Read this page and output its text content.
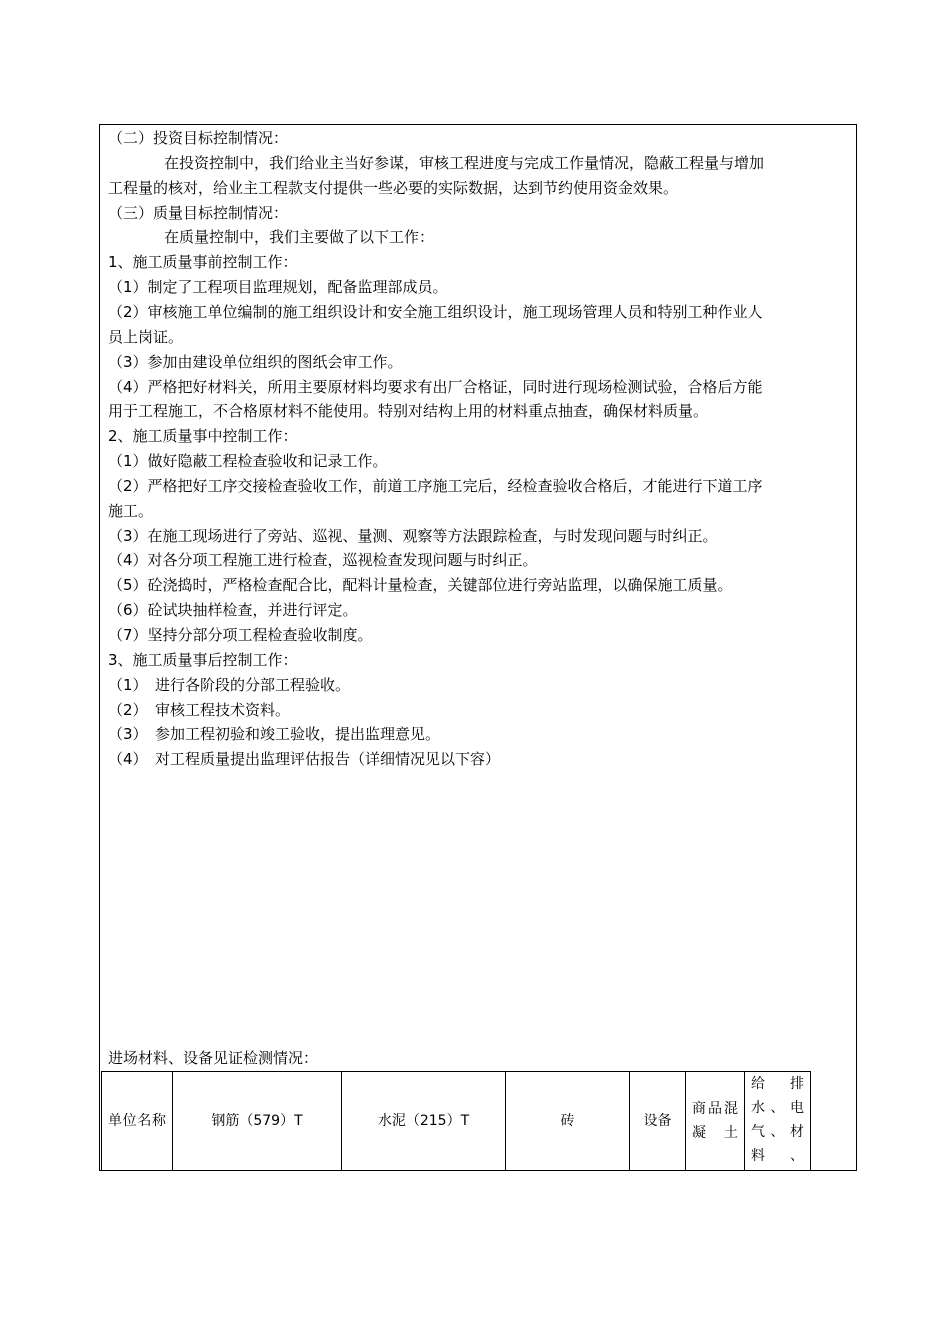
（二）投资目标控制情况：
在投资控制中，我们给业主当好参谋，审核工程进度与完成工作量情况，隐蔽工程量与增加
工程量的核对，给业主工程款支付提供一些必要的实际数据，达到节约使用资金效果。
（三）质量目标控制情况：
在质量控制中，我们主要做了以下工作：
1、施工质量事前控制工作：
（1）制定了工程项目监理规划，配备监理部成员。
（2）审核施工单位编制的施工组织设计和安全施工组织设计，施工现场管理人员和特别工种作业人
员上岗证。
（3）参加由建设单位组织的图纸会审工作。
（4）严格把好材料关，所用主要原材料均要求有出厂合格证，同时进行现场检测试验，合格后方能
用于工程施工，不合格原材料不能使用。特别对结构上用的材料重点抽查，确保材料质量。
2、施工质量事中控制工作：
（1）做好隐蔽工程检查验收和记录工作。
（2）严格把好工序交接检查验收工作，前道工序施工完后，经检查验收合格后，才能进行下道工序
施工。
（3）在施工现场进行了旁站、巡视、量测、观察等方法跟踪检查，与时发现问题与时纠正。
（4）对各分项工程施工进行检查，巡视检查发现问题与时纠正。
（5）砼浇捣时，严格检查配合比，配料计量检查，关键部位进行旁站监理，以确保施工质量。
（6）砼试块抽样检查，并进行评定。
（7）坚持分部分项工程检查验收制度。
3、施工质量事后控制工作：
（1）　进行各阶段的分部工程验收。
（2）　审核工程技术资料。
（3）　参加工程初验和竣工验收，提出监理意见。
（4）　对工程质量提出监理评估报告（详细情况见以下容）
进场材料、设备见证检测情况：
单位名称	钢筋（579）T	水泥（215）T	砖	设备	商品混凝土	给排水、电气、材料、
